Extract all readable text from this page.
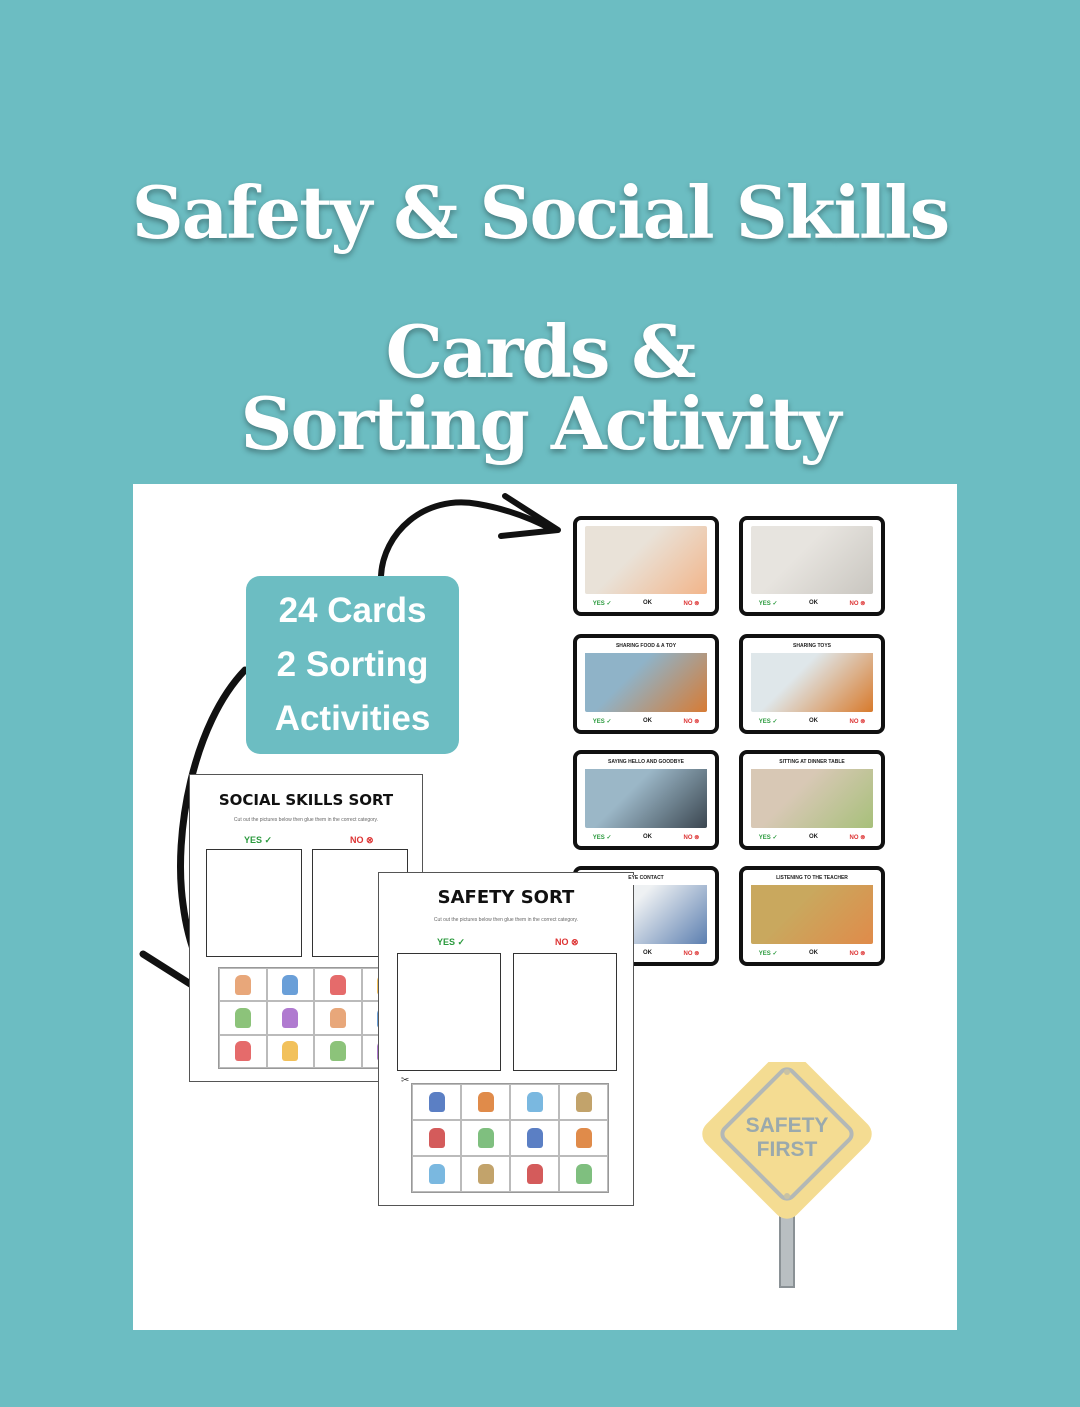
Safety & Social Skills
Cards &
Sorting Activity
YES ✓	OK	NO ⊗	YES ✓	OK	NO ⊗
SHARING FOOD & A TOY
YES ✓	OK	NO ⊗
SHARING TOYS
YES ✓	OK	NO ⊗
SAYING HELLO AND GOODBYE
YES ✓	OK	NO ⊗
SITTING AT DINNER TABLE
YES ✓	OK	NO ⊗
EYE CONTACT
OK	NO ⊗
LISTENING TO THE TEACHER
YES ✓	OK	NO ⊗
SOCIAL SKILLS SORT
Cut out the pictures below then glue them in the correct category.
YES ✓	NO ⊗
SAFETY SORT
Cut out the pictures below then glue them in the correct category.
YES ✓	NO ⊗
✂
24 Cards
2 Sorting
Activities
SAFETY
FIRST
